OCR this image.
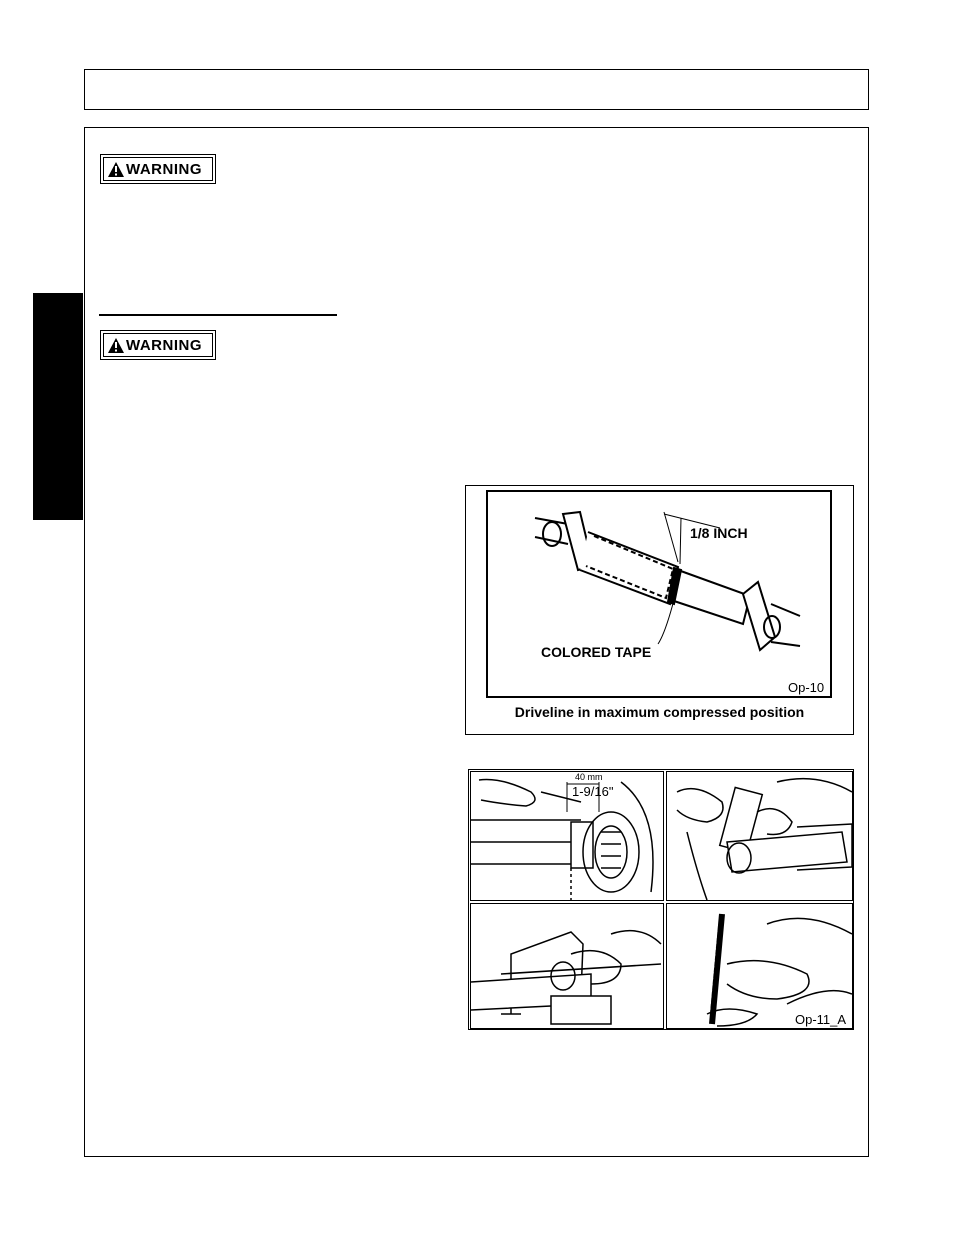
WARNING
WARNING
1/8 INCH
COLORED TAPE
Op-10
Driveline in maximum compressed position
40 mm
1-9/16"
Op-11_A
